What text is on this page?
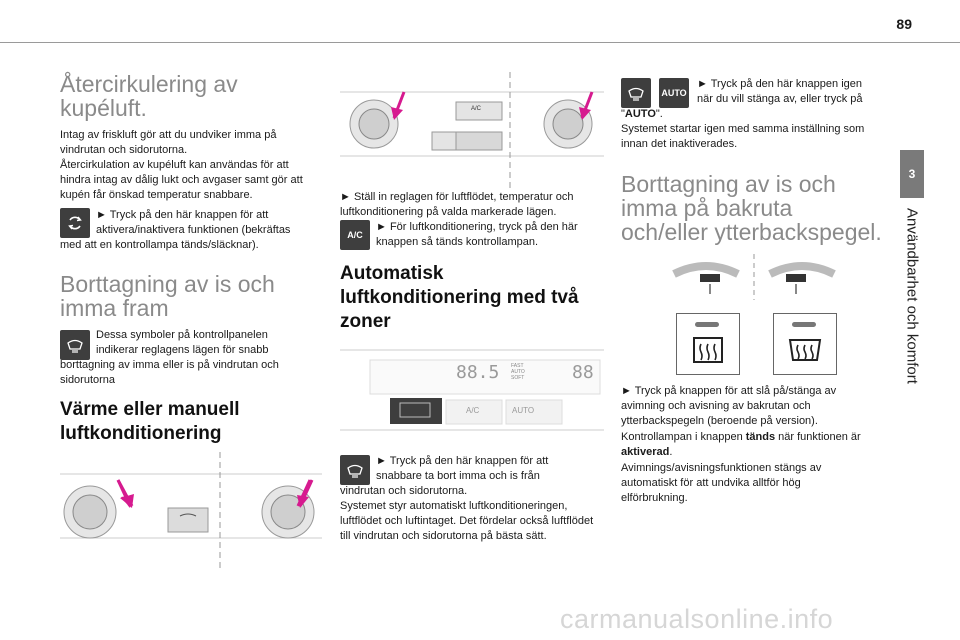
89
3
Användbarhet och komfort
Återcirkulering av kupéluft.

Intag av friskluft gör att du undviker imma på vindrutan och sidorutorna.

Återcirkulation av kupéluft kan användas för att hindra intag av dålig lukt och avgaser samt gör att kupén får önskad temperatur snabbare.

► Tryck på den här knappen för att

aktivera/inaktivera funktionen (bekräftas

med att en kontrollampa tänds/släcknar).

Borttagning av is och imma fram

Dessa symboler på kontrollpanelen

indikerar reglagens lägen för snabb

borttagning av imma eller is på vindrutan och sidorutorna

Värme eller manuell luftkonditionering
A/C

► Ställ in reglagen för luftflödet, temperatur och luftkonditionering på valda markerade lägen.

A/C

► För luftkonditionering, tryck på den här

knappen så tänds kontrollampan.

Automatisk luftkonditionering med två zoner
88.5 FAST
AUTO
SOFT	88
A/C	AUTO

► Tryck på den här knappen för att

snabbare ta bort imma och is från

vindrutan och sidorutorna.

Systemet styr automatiskt luftkonditioneringen, luftflödet och luftintaget. Det fördelar också luftflödet till vindrutan och sidorutorna på bästa sätt.

AUTO

► Tryck på den här knappen igen

när du vill stänga av, eller tryck på

"AUTO".

Systemet startar igen med samma inställning som innan det inaktiverades.

Borttagning av is och imma på bakruta och/eller ytterbackspegel.

► Tryck på knappen för att slå på/stänga av avimning och avisning av bakrutan och ytterbackspegeln (beroende på version).

Kontrollampan i knappen tänds när funktionen är aktiverad.

Avimnings/avisningsfunktionen stängs av automatiskt för att undvika alltför hög elförbrukning.

carmanualsonline.info
